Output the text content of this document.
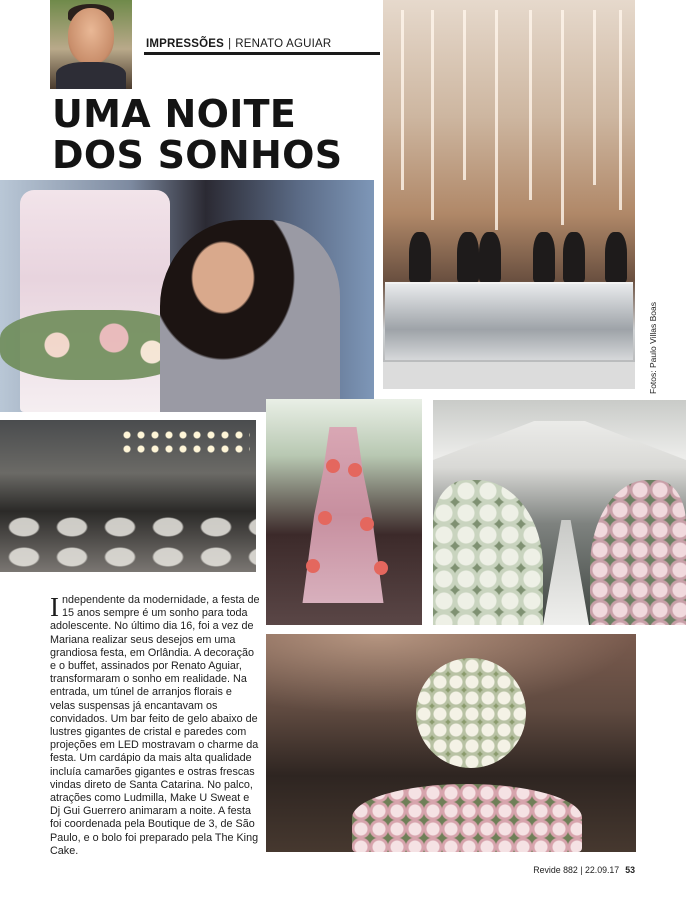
IMPRESSÕES | RENATO AGUIAR
UMA NOITE
DOS SONHOS
Fotos: Paulo Villas Boas
Independente da modernidade, a festa de 15 anos sempre é um sonho para toda adolescente. No último dia 16, foi a vez de Mariana realizar seus desejos em uma grandiosa festa, em Orlândia. A decoração e o buffet, assinados por Renato Aguiar, transformaram o sonho em realidade. Na entrada, um túnel de arranjos florais e velas suspensas já encantavam os convidados. Um bar feito de gelo abaixo de lustres gigantes de cristal e paredes com projeções em LED mostravam o charme da festa. Um cardápio da mais alta qualidade incluía camarões gigantes e ostras frescas vindas direto de Santa Catarina. No palco, atrações como Ludmilla, Make U Sweat e Dj Gui Guerrero animaram a noite. A festa foi coordenada pela Boutique de 3, de São Paulo, e o bolo foi preparado pela The King Cake.
Revide 882 | 22.09.17 53
